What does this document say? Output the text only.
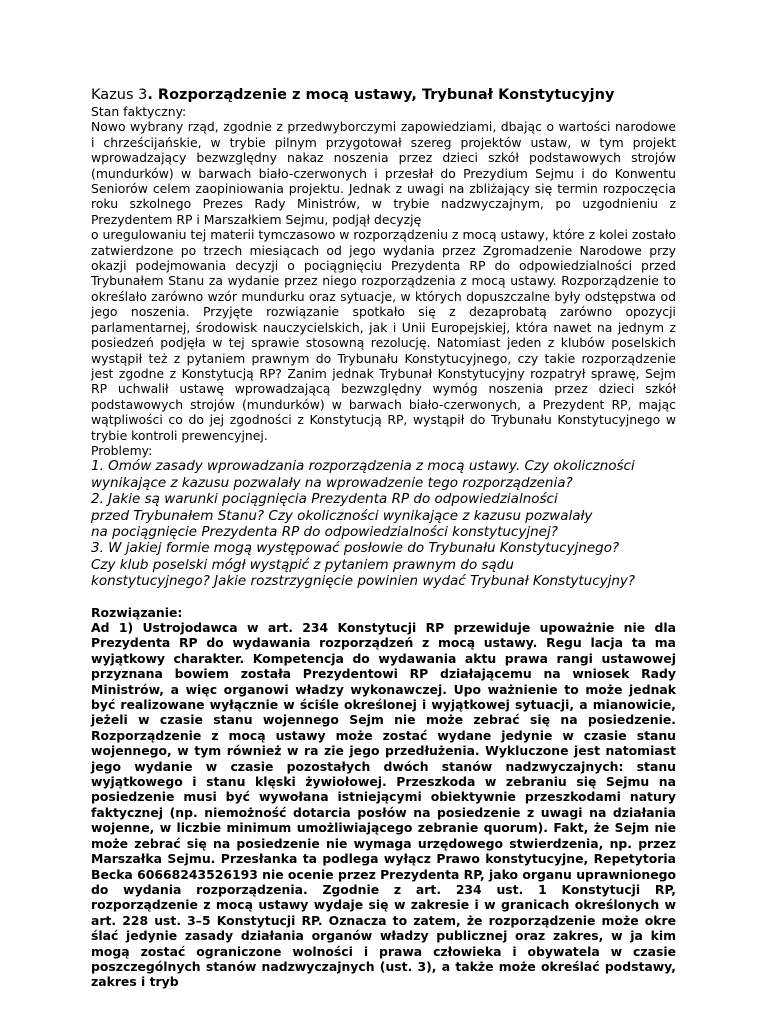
Kazus 3. Rozporządzenie z mocą ustawy, Trybunał Konstytucyjny

Stan faktyczny:

Nowo wybrany rząd, zgodnie z przedwyborczymi zapowiedziami, dbając o wartości narodowe i chrześcijańskie, w trybie pilnym przygotował szereg projektów ustaw, w tym projekt wprowadzający bezwzględny nakaz noszenia przez dzieci szkół podstawowych strojów (mundurków) w barwach biało-czerwonych i przesłał do Prezydium Sejmu i do Konwentu Seniorów celem zaopiniowania projektu. Jednak z uwagi na zbliżający się termin rozpoczęcia roku szkolnego Prezes Rady Ministrów, w trybie nadzwyczajnym, po uzgodnieniu z Prezydentem RP i Marszałkiem Sejmu, podjął decyzję

o uregulowaniu tej materii tymczasowo w rozporządzeniu z mocą ustawy, które z kolei zostało zatwierdzone po trzech miesiącach od jego wydania przez Zgromadzenie Narodowe przy okazji podejmowania decyzji o pociągnięciu Prezydenta RP do odpowiedzialności przed Trybunałem Stanu za wydanie przez niego rozporządzenia z mocą ustawy. Rozporządzenie to określało zarówno wzór mundurku oraz sytuacje, w których dopuszczalne były odstępstwa od jego noszenia. Przyjęte rozwiązanie spotkało się z dezaprobatą zarówno opozycji parlamentarnej, środowisk nauczycielskich, jak i Unii Europejskiej, która nawet na jednym z posiedzeń podjęła w tej sprawie stosowną rezolucję. Natomiast jeden z klubów poselskich wystąpił też z pytaniem prawnym do Trybunału Konstytucyjnego, czy takie rozporządzenie jest zgodne z Konstytucją RP? Zanim jednak Trybunał Konstytucyjny rozpatrył sprawę, Sejm RP uchwalił ustawę wprowadzającą bezwzględny wymóg noszenia przez dzieci szkół podstawowych strojów (mundurków) w barwach biało-czerwonych, a Prezydent RP, mając wątpliwości co do jej zgodności z Konstytucją RP, wystąpił do Trybunału Konstytucyjnego w trybie kontroli prewencyjnej.

Problemy:

1. Omów zasady wprowadzania rozporządzenia z mocą ustawy. Czy okoliczności
wynikające z kazusu pozwalały na wprowadzenie tego rozporządzenia?
2. Jakie są warunki pociągnięcia Prezydenta RP do odpowiedzialności
przed Trybunałem Stanu? Czy okoliczności wynikające z kazusu pozwalały
na pociągnięcie Prezydenta RP do odpowiedzialności konstytucyjnej?
3. W jakiej formie mogą występować posłowie do Trybunału Konstytucyjnego?
Czy klub poselski mógł wystąpić z pytaniem prawnym do sądu
konstytucyjnego? Jakie rozstrzygnięcie powinien wydać Trybunał Konstytucyjny?

Rozwiązanie:

Ad 1) Ustrojodawca w art. 234 Konstytucji RP przewiduje upoważnie nie dla Prezydenta RP do wydawania rozporządzeń z mocą ustawy. Regu lacja ta ma wyjątkowy charakter. Kompetencja do wydawania aktu prawa rangi ustawowej przyznana bowiem została Prezydentowi RP działającemu na wniosek Rady Ministrów, a więc organowi władzy wykonawczej. Upo ważnienie to może jednak być realizowane wyłącznie w ściśle określonej i wyjątkowej sytuacji, a mianowicie, jeżeli w czasie stanu wojennego Sejm nie może zebrać się na posiedzenie. Rozporządzenie z mocą ustawy może zostać wydane jedynie w czasie stanu wojennego, w tym również w ra zie jego przedłużenia. Wykluczone jest natomiast jego wydanie w czasie pozostałych dwóch stanów nadzwyczajnych: stanu wyjątkowego i stanu klęski żywiołowej. Przeszkoda w zebraniu się Sejmu na posiedzenie musi być wywołana istniejącymi obiektywnie przeszkodami natury faktycznej (np. niemożność dotarcia posłów na posiedzenie z uwagi na działania wojenne, w liczbie minimum umożliwiającego zebranie quorum). Fakt, że Sejm nie może zebrać się na posiedzenie nie wymaga urzędowego stwierdzenia, np. przez Marszałka Sejmu. Przesłanka ta podlega wyłącz Prawo konstytucyjne, Repetytoria Becka 60668243526193 nie ocenie przez Prezydenta RP, jako organu uprawnionego do wydania rozporządzenia. Zgodnie z art. 234 ust. 1 Konstytucji RP, rozporządzenie z mocą ustawy wydaje się w zakresie i w granicach określonych w art. 228 ust. 3–5 Konstytucji RP. Oznacza to zatem, że rozporządzenie może okre ślać jedynie zasady działania organów władzy publicznej oraz zakres, w ja kim mogą zostać ograniczone wolności i prawa człowieka i obywatela w czasie poszczególnych stanów nadzwyczajnych (ust. 3), a także może określać podstawy, zakres i tryb
